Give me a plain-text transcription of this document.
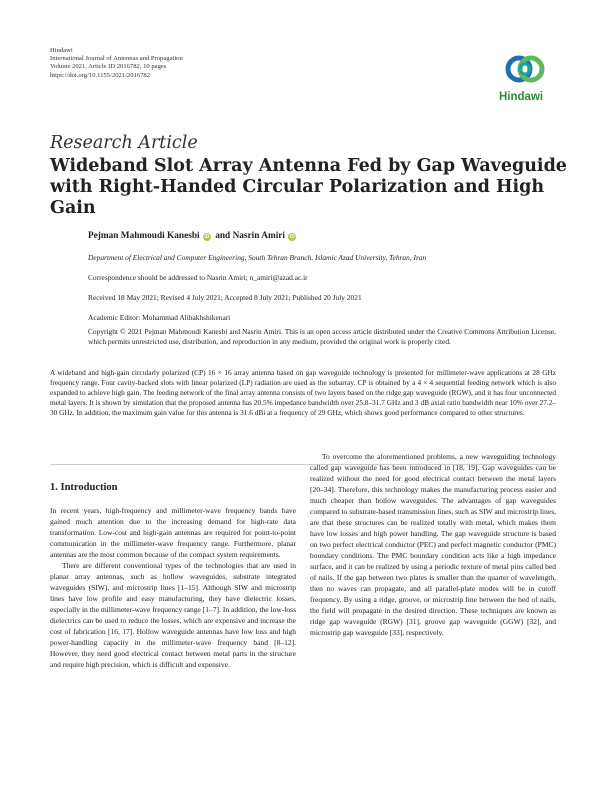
Hindawi
International Journal of Antennas and Propagation
Volume 2021, Article ID 2016782, 10 pages
https://doi.org/10.1155/2021/2016782
Hindawi
Research Article
Wideband Slot Array Antenna Fed by Gap Waveguide with Right-Handed Circular Polarization and High Gain
Pejman Mahmoudi Kanesbi iD and Nasrin Amiri iD
Department of Electrical and Computer Engineering, South Tehran Branch, Islamic Azad University, Tehran, Iran
Correspondence should be addressed to Nasrin Amiri; n_amiri@azad.ac.ir
Received 18 May 2021; Revised 4 July 2021; Accepted 8 July 2021; Published 20 July 2021
Academic Editor: Mohammad Alibakhshikenari
Copyright © 2021 Pejman Mahmoudi Kanesbi and Nasrin Amiri. This is an open access article distributed under the Creative Commons Attribution License, which permits unrestricted use, distribution, and reproduction in any medium, provided the original work is properly cited.
A wideband and high-gain circularly polarized (CP) 16 × 16 array antenna based on gap waveguide technology is presented for millimeter-wave applications at 28 GHz frequency range. Four cavity-backed slots with linear polarized (LP) radiation are used as the subarray. CP is obtained by a 4 × 4 sequential feeding network which is also expanded to achieve high gain. The feeding network of the final array antenna consists of two layers based on the ridge gap waveguide (RGW), and it has four unconnected metal layers. It is shown by simulation that the proposed antenna has 20.5% impedance bandwidth over 25.8–31.7 GHz and 3 dB axial ratio bandwidth near 10% over 27.2–30 GHz. In addition, the maximum gain value for this antenna is 31.6 dBi at a frequency of 29 GHz, which shows good performance compared to other structures.
1. Introduction

In recent years, high-frequency and millimeter-wave frequency bands have gained much attention due to the increasing demand for high-rate data transformation. Low-cost and high-gain antennas are required for point-to-point communication in the millimeter-wave frequency range. Furthermore, planar antennas are the most common because of the compact system requirements.

There are different conventional types of the technologies that are used in planar array antennas, such as hollow waveguides, substrate integrated waveguides (SIW), and microstrip lines [1–15]. Although SIW and microstrip lines have low profile and easy manufacturing, they have dielectric losses, especially in the millimeter-wave frequency range [1–7]. In addition, the low-loss dielectrics can be used to reduce the losses, which are expensive and increase the cost of fabrication [16, 17]. Hollow waveguide antennas have low loss and high power-handling capacity in the millimeter-wave frequency band [8–12]. However, they need good electrical contact between metal parts in the structure and require high precision, which is difficult and expensive.

To overcome the aforementioned problems, a new waveguiding technology called gap waveguide has been introduced in [18, 19]. Gap waveguides can be realized without the need for good electrical contact between the metal layers [20–34]. Therefore, this technology makes the manufacturing process easier and much cheaper than hollow waveguides. The advantages of gap waveguides compared to substrate-based transmission lines, such as SIW and microstrip lines, are that these structures can be realized totally with metal, which makes them have low losses and high power handling. The gap waveguide structure is based on two perfect electrical conductor (PEC) and perfect magnetic conductor (PMC) boundary conditions. The PMC boundary condition acts like a high impedance surface, and it can be realized by using a periodic texture of metal pins called bed of nails. If the gap between two plates is smaller than the quarter of wavelength, then no waves can propagate, and all parallel-plate modes will be in cutoff frequency. By using a ridge, groove, or microstrip line between the bed of nails, the field will propagate in the desired direction. These techniques are known as ridge gap waveguide (RGW) [31], groove gap waveguide (GGW) [32], and microstrip gap waveguide [33], respectively.
